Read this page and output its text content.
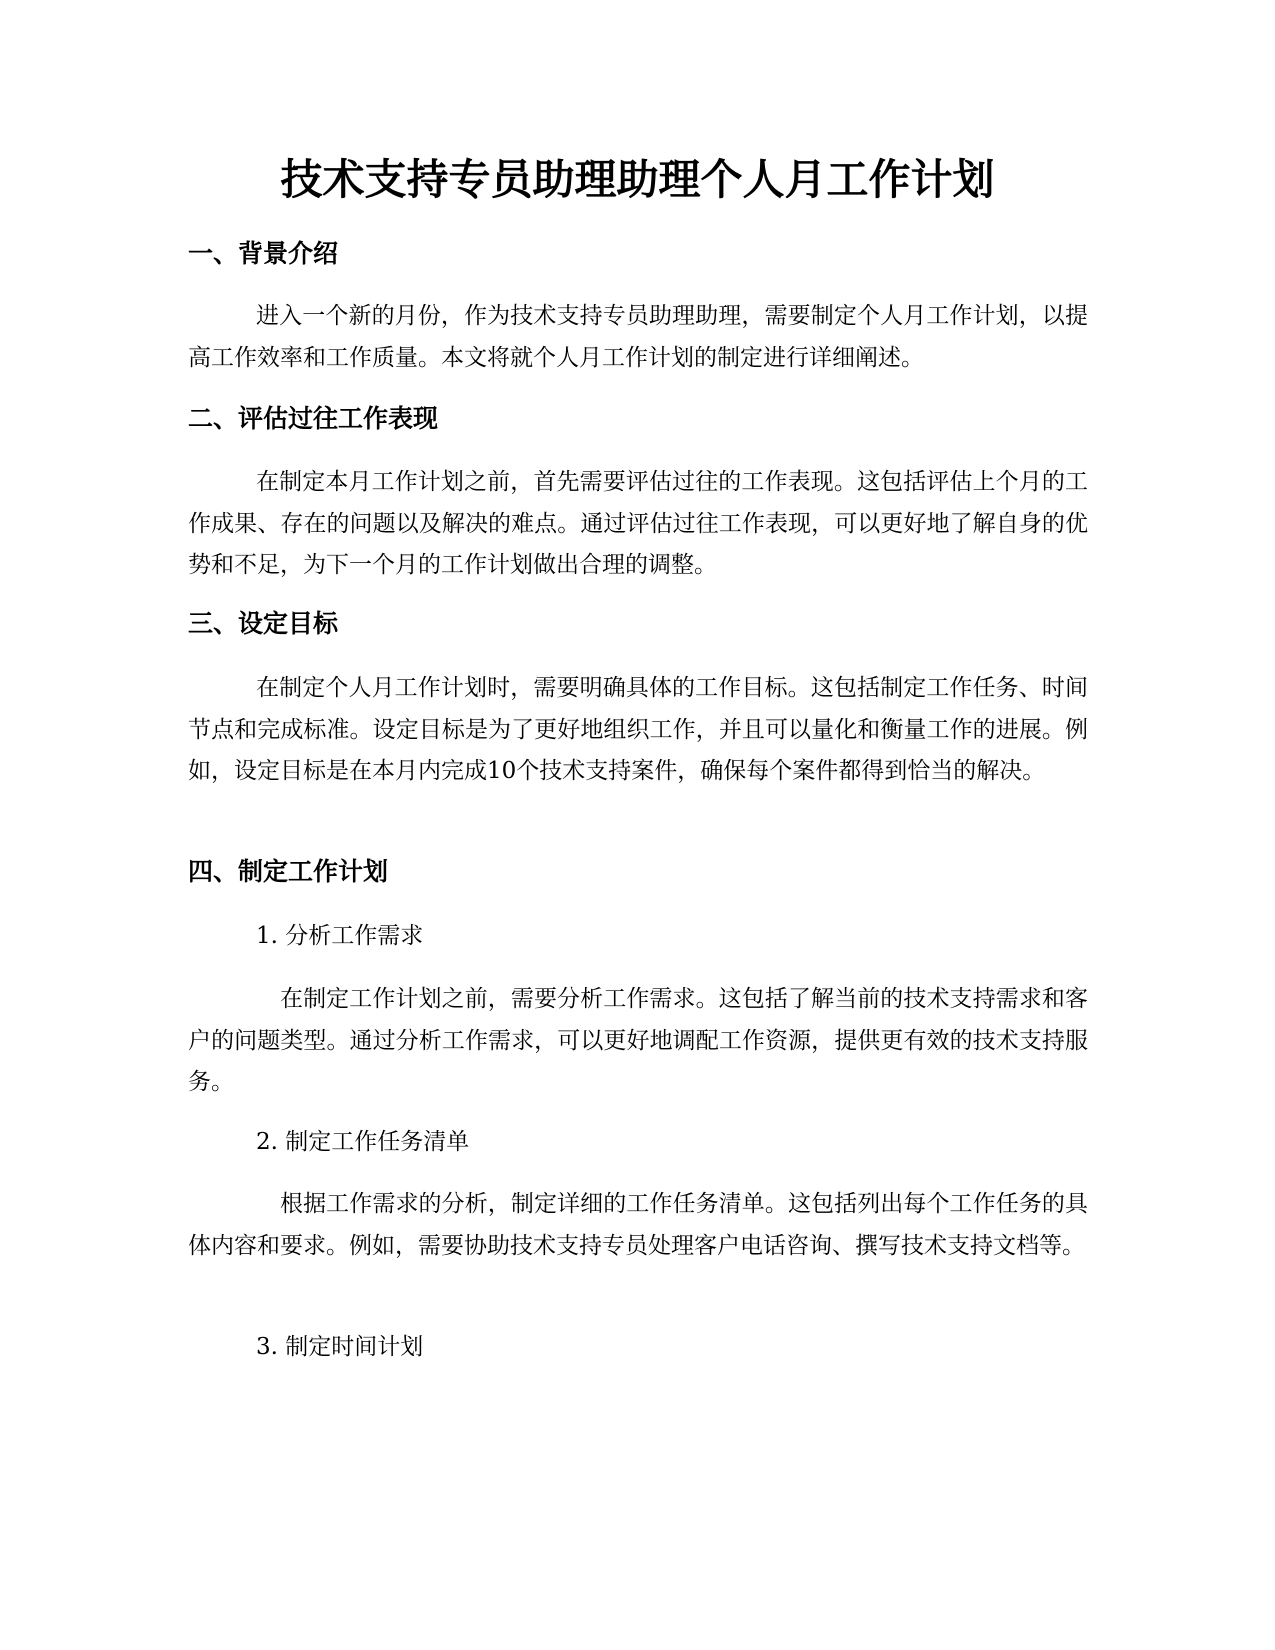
技术支持专员助理助理个人月工作计划
一、背景介绍

进入一个新的月份，作为技术支持专员助理助理，需要制定个人月工作计划，以提高工作效率和工作质量。本文将就个人月工作计划的制定进行详细阐述。

二、评估过往工作表现

在制定本月工作计划之前，首先需要评估过往的工作表现。这包括评估上个月的工作成果、存在的问题以及解决的难点。通过评估过往工作表现，可以更好地了解自身的优势和不足，为下一个月的工作计划做出合理的调整。

三、设定目标

在制定个人月工作计划时，需要明确具体的工作目标。这包括制定工作任务、时间节点和完成标准。设定目标是为了更好地组织工作，并且可以量化和衡量工作的进展。例如，设定目标是在本月内完成10个技术支持案件，确保每个案件都得到恰当的解决。

四、制定工作计划

1. 分析工作需求

在制定工作计划之前，需要分析工作需求。这包括了解当前的技术支持需求和客户的问题类型。通过分析工作需求，可以更好地调配工作资源，提供更有效的技术支持服务。

2. 制定工作任务清单

根据工作需求的分析，制定详细的工作任务清单。这包括列出每个工作任务的具体内容和要求。例如，需要协助技术支持专员处理客户电话咨询、撰写技术支持文档等。

3. 制定时间计划
